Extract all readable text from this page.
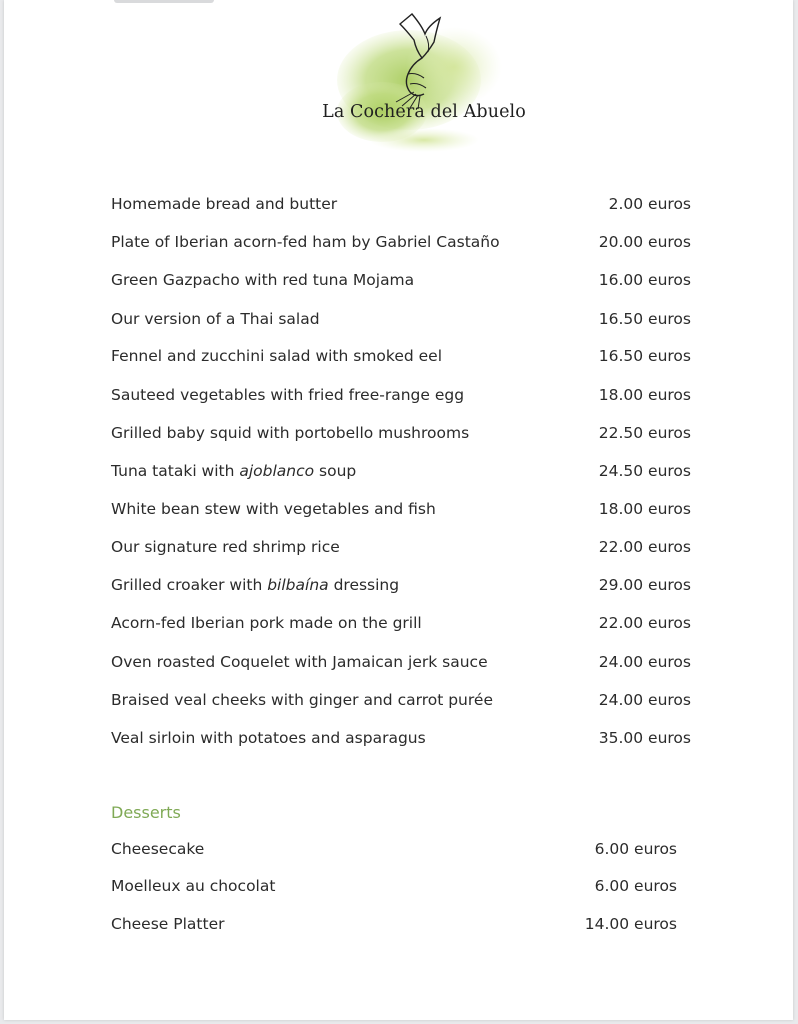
La Cochera del Abuelo
Homemade bread and butter	2.00 euros
Plate of Iberian acorn-fed ham by Gabriel Castaño	20.00 euros
Green Gazpacho with red tuna Mojama	16.00 euros
Our version of a Thai salad	16.50 euros
Fennel and zucchini salad with smoked eel	16.50 euros
Sauteed vegetables with fried free-range egg	18.00 euros
Grilled baby squid with portobello mushrooms	22.50 euros
Tuna tataki with ajoblanco soup	24.50 euros
White bean stew with vegetables and fish	18.00 euros
Our signature red shrimp rice	22.00 euros
Grilled croaker with bilbaína dressing	29.00 euros
Acorn-fed Iberian pork made on the grill	22.00 euros
Oven roasted Coquelet with Jamaican jerk sauce	24.00 euros
Braised veal cheeks with ginger and carrot purée	24.00 euros
Veal sirloin with potatoes and asparagus	35.00 euros
Desserts
Cheesecake	6.00 euros
Moelleux au chocolat	6.00 euros
Cheese Platter	14.00 euros
